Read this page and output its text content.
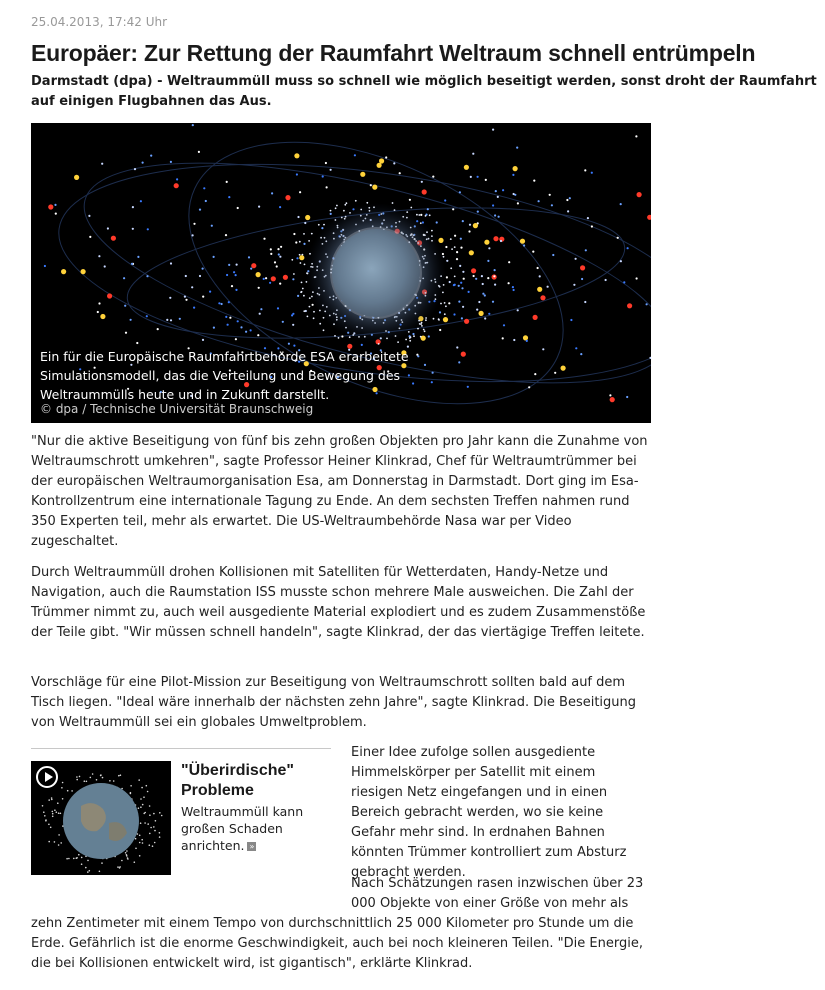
25.04.2013, 17:42 Uhr
Europäer: Zur Rettung der Raumfahrt Weltraum schnell entrümpeln

Darmstadt (dpa) - Weltraummüll muss so schnell wie möglich beseitigt werden, sonst droht der Raumfahrt auf einigen Flugbahnen das Aus.

Ein für die Europäische Raumfahrtbehörde ESA erarbeitete Simulationsmodell, das die Verteilung und Bewegung des Weltraummülls heute und in Zukunft darstellt.
© dpa / Technische Universität Braunschweig

"Nur die aktive Beseitigung von fünf bis zehn großen Objekten pro Jahr kann die Zunahme von Weltraumschrott umkehren", sagte Professor Heiner Klinkrad, Chef für Weltraumtrümmer bei der europäischen Weltraumorganisation Esa, am Donnerstag in Darmstadt. Dort ging im Esa-Kontrollzentrum eine internationale Tagung zu Ende. An dem sechsten Treffen nahmen rund 350 Experten teil, mehr als erwartet. Die US-Weltraumbehörde Nasa war per Video zugeschaltet.

Durch Weltraummüll drohen Kollisionen mit Satelliten für Wetterdaten, Handy-Netze und Navigation, auch die Raumstation ISS musste schon mehrere Male ausweichen. Die Zahl der Trümmer nimmt zu, auch weil ausgediente Material explodiert und es zudem Zusammenstöße der Teile gibt. "Wir müssen schnell handeln", sagte Klinkrad, der das viertägige Treffen leitete.

Vorschläge für eine Pilot-Mission zur Beseitigung von Weltraumschrott sollten bald auf dem Tisch liegen. "Ideal wäre innerhalb der nächsten zehn Jahre", sagte Klinkrad. Die Beseitigung von Weltraummüll sei ein globales Umweltproblem.

"Überirdische" Probleme
Weltraummüll kann großen Schaden anrichten. »

Einer Idee zufolge sollen ausgediente Himmelskörper per Satellit mit einem riesigen Netz eingefangen und in einen Bereich gebracht werden, wo sie keine Gefahr mehr sind. In erdnahen Bahnen könnten Trümmer kontrolliert zum Absturz gebracht werden.

Nach Schätzungen rasen inzwischen über 23 000 Objekte von einer Größe von mehr als

zehn Zentimeter mit einem Tempo von durchschnittlich 25 000 Kilometer pro Stunde um die Erde. Gefährlich ist die enorme Geschwindigkeit, auch bei noch kleineren Teilen. "Die Energie, die bei Kollisionen entwickelt wird, ist gigantisch", erklärte Klinkrad.
